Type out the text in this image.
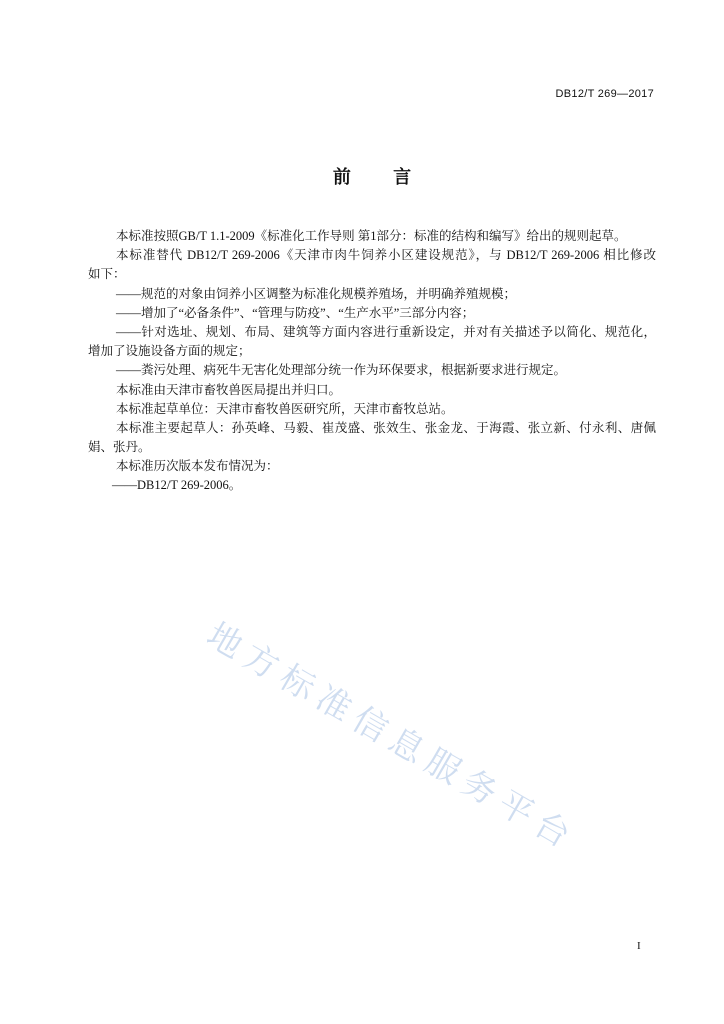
DB12/T 269—2017
前 言
本标准按照GB/T 1.1-2009《标准化工作导则 第1部分：标准的结构和编写》给出的规则起草。
本标准替代 DB12/T 269-2006《天津市肉牛饲养小区建设规范》，与 DB12/T 269-2006 相比修改
如下：
——规范的对象由饲养小区调整为标准化规模养殖场，并明确养殖规模；
——增加了“必备条件”、“管理与防疫”、“生产水平”三部分内容；
——针对选址、规划、布局、建筑等方面内容进行重新设定，并对有关描述予以简化、规范化，
增加了设施设备方面的规定；
——粪污处理、病死牛无害化处理部分统一作为环保要求，根据新要求进行规定。
本标准由天津市畜牧兽医局提出并归口。
本标准起草单位：天津市畜牧兽医研究所，天津市畜牧总站。
本标准主要起草人：孙英峰、马毅、崔茂盛、张效生、张金龙、于海霞、张立新、付永利、唐佩
娟、张丹。
本标准历次版本发布情况为：
——DB12/T 269-2006。
地方标准信息服务平台
I
